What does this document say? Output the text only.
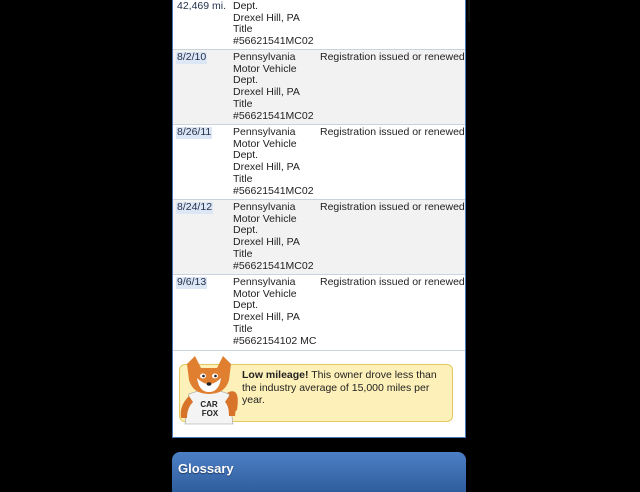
42,469 mi. Dept.
Drexel Hill, PA
Title
#56621541MC02
8/2/10	Pennsylvania
Motor Vehicle
Dept.
Drexel Hill, PA
Title
#56621541MC02
Registration issued or renewed
8/26/11 Pennsylvania
Motor Vehicle
Dept.
Drexel Hill, PA
Title
#56621541MC02
Registration issued or renewed
8/24/12 Pennsylvania
Motor Vehicle
Dept.
Drexel Hill, PA
Title
#56621541MC02
Registration issued or renewed
9/6/13	Pennsylvania
Motor Vehicle
Dept.
Drexel Hill, PA
Title
#5662154102 MC
Registration issued or renewed
Low mileage! This owner drove less than the industry average of 15,000 miles per year.
CAR
FOX
Glossary
